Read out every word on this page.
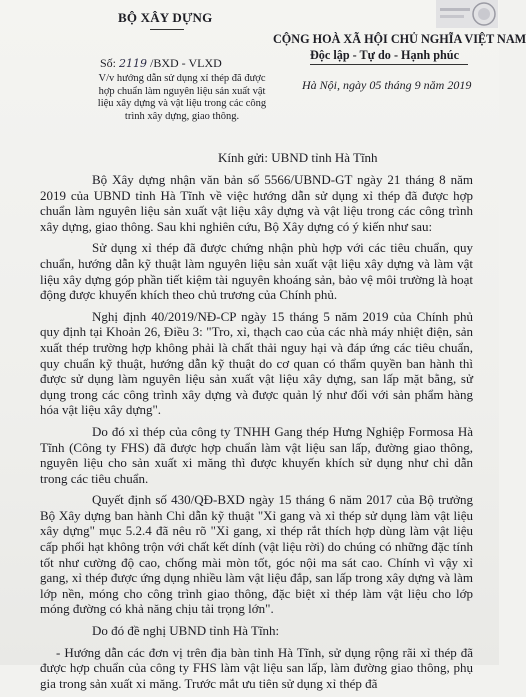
BỘ XÂY DỰNG
Số: 2119 /BXD - VLXD
V/v hướng dẫn sử dụng xỉ thép đã được hợp chuẩn làm nguyên liệu sản xuất vật liệu xây dựng và vật liệu trong các công trình xây dựng, giao thông.
CỘNG HOÀ XÃ HỘI CHỦ NGHĨA VIỆT NAM
Độc lập - Tự do - Hạnh phúc
Hà Nội, ngày 05 tháng 9 năm 2019
Kính gửi: UBND tỉnh Hà Tĩnh

Bộ Xây dựng nhận văn bản số 5566/UBND-GT ngày 21 tháng 8 năm 2019 của UBND tỉnh Hà Tĩnh về việc hướng dẫn sử dụng xỉ thép đã được hợp chuẩn làm nguyên liệu sản xuất vật liệu xây dựng và vật liệu trong các công trình xây dựng, giao thông. Sau khi nghiên cứu, Bộ Xây dựng có ý kiến như sau:

Sử dụng xỉ thép đã được chứng nhận phù hợp với các tiêu chuẩn, quy chuẩn, hướng dẫn kỹ thuật làm nguyên liệu sản xuất vật liệu xây dựng và làm vật liệu xây dựng góp phần tiết kiệm tài nguyên khoáng sản, bảo vệ môi trường là hoạt động được khuyến khích theo chủ trương của Chính phủ.

Nghị định 40/2019/NĐ-CP ngày 15 tháng 5 năm 2019 của Chính phủ quy định tại Khoản 26, Điều 3: "Tro, xỉ, thạch cao của các nhà máy nhiệt điện, sản xuất thép trường hợp không phải là chất thải nguy hại và đáp ứng các tiêu chuẩn, quy chuẩn kỹ thuật, hướng dẫn kỹ thuật do cơ quan có thẩm quyền ban hành thì được sử dụng làm nguyên liệu sản xuất vật liệu xây dựng, san lấp mặt bằng, sử dụng trong các công trình xây dựng và được quản lý như đối với sản phẩm hàng hóa vật liệu xây dựng".

Do đó xỉ thép của công ty TNHH Gang thép Hưng Nghiệp Formosa Hà Tĩnh (Công ty FHS) đã được hợp chuẩn làm vật liệu san lấp, đường giao thông, nguyên liệu cho sản xuất xi măng thì được khuyến khích sử dụng như chỉ dẫn trong các tiêu chuẩn.

Quyết định số 430/QĐ-BXD ngày 15 tháng 6 năm 2017 của Bộ trưởng Bộ Xây dựng ban hành Chỉ dẫn kỹ thuật "Xỉ gang và xỉ thép sử dụng làm vật liệu xây dựng" mục 5.2.4 đã nêu rõ "Xỉ gang, xỉ thép rắt thích hợp dùng làm vật liệu cấp phối hạt không trộn với chất kết dính (vật liệu rời) do chúng có những đặc tính tốt như cường độ cao, chống mài mòn tốt, góc nội ma sát cao. Chính vì vậy xỉ gang, xỉ thép được ứng dụng nhiều làm vật liệu đắp, san lấp trong xây dựng và làm lớp nền, móng cho công trình giao thông, đặc biệt xỉ thép làm vật liệu cho lớp móng đường có khả năng chịu tải trọng lớn".

Do đó đề nghị UBND tỉnh Hà Tĩnh:

- Hướng dẫn các đơn vị trên địa bàn tỉnh Hà Tĩnh, sử dụng rộng rãi xỉ thép đã được hợp chuẩn của công ty FHS làm vật liệu san lấp, làm đường giao thông, phụ gia trong sản xuất xi măng. Trước mắt ưu tiên sử dụng xỉ thép đã
